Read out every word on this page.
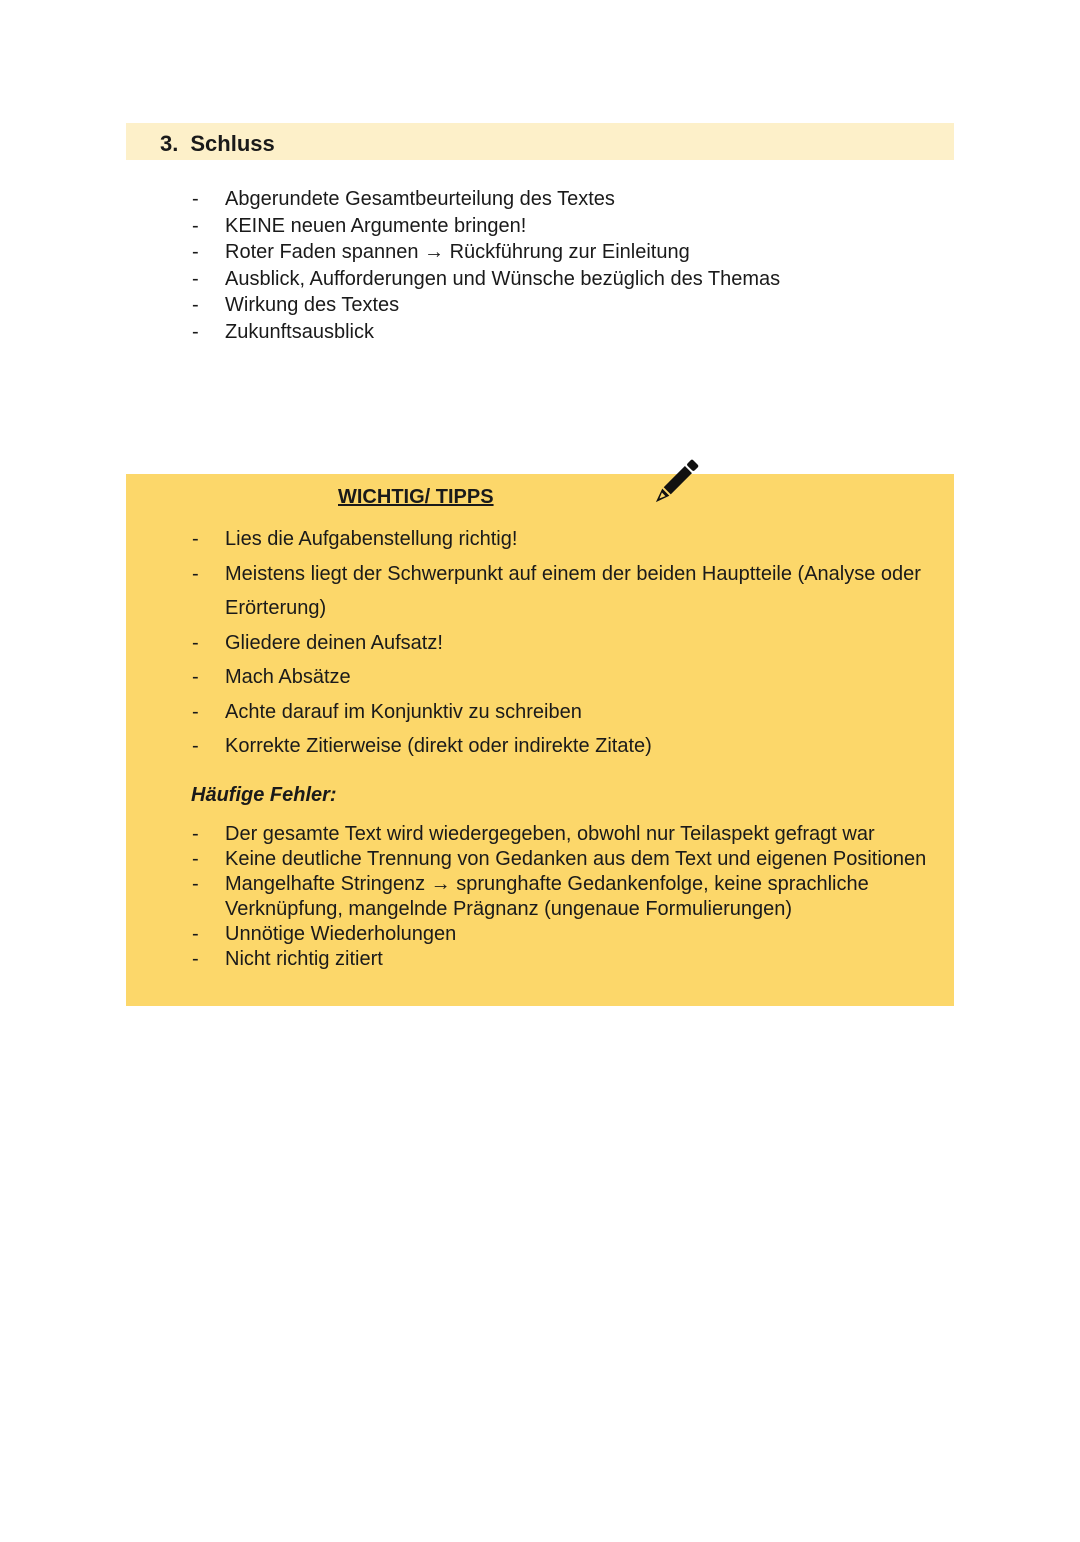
3. Schluss
- Abgerundete Gesamtbeurteilung des Textes
- KEINE neuen Argumente bringen!
- Roter Faden spannen → Rückführung zur Einleitung
- Ausblick, Aufforderungen und Wünsche bezüglich des Themas
- Wirkung des Textes
- Zukunftsausblick
WICHTIG/ TIPPS
- Lies die Aufgabenstellung richtig!
- Meistens liegt der Schwerpunkt auf einem der beiden Hauptteile (Analyse oder Erörterung)
- Gliedere deinen Aufsatz!
- Mach Absätze
- Achte darauf im Konjunktiv zu schreiben
- Korrekte Zitierweise (direkt oder indirekte Zitate)
Häufige Fehler:
- Der gesamte Text wird wiedergegeben, obwohl nur Teilaspekt gefragt war
- Keine deutliche Trennung von Gedanken aus dem Text und eigenen Positionen
- Mangelhafte Stringenz → sprunghafte Gedankenfolge, keine sprachliche Verknüpfung, mangelnde Prägnanz (ungenaue Formulierungen)
- Unnötige Wiederholungen
- Nicht richtig zitiert
